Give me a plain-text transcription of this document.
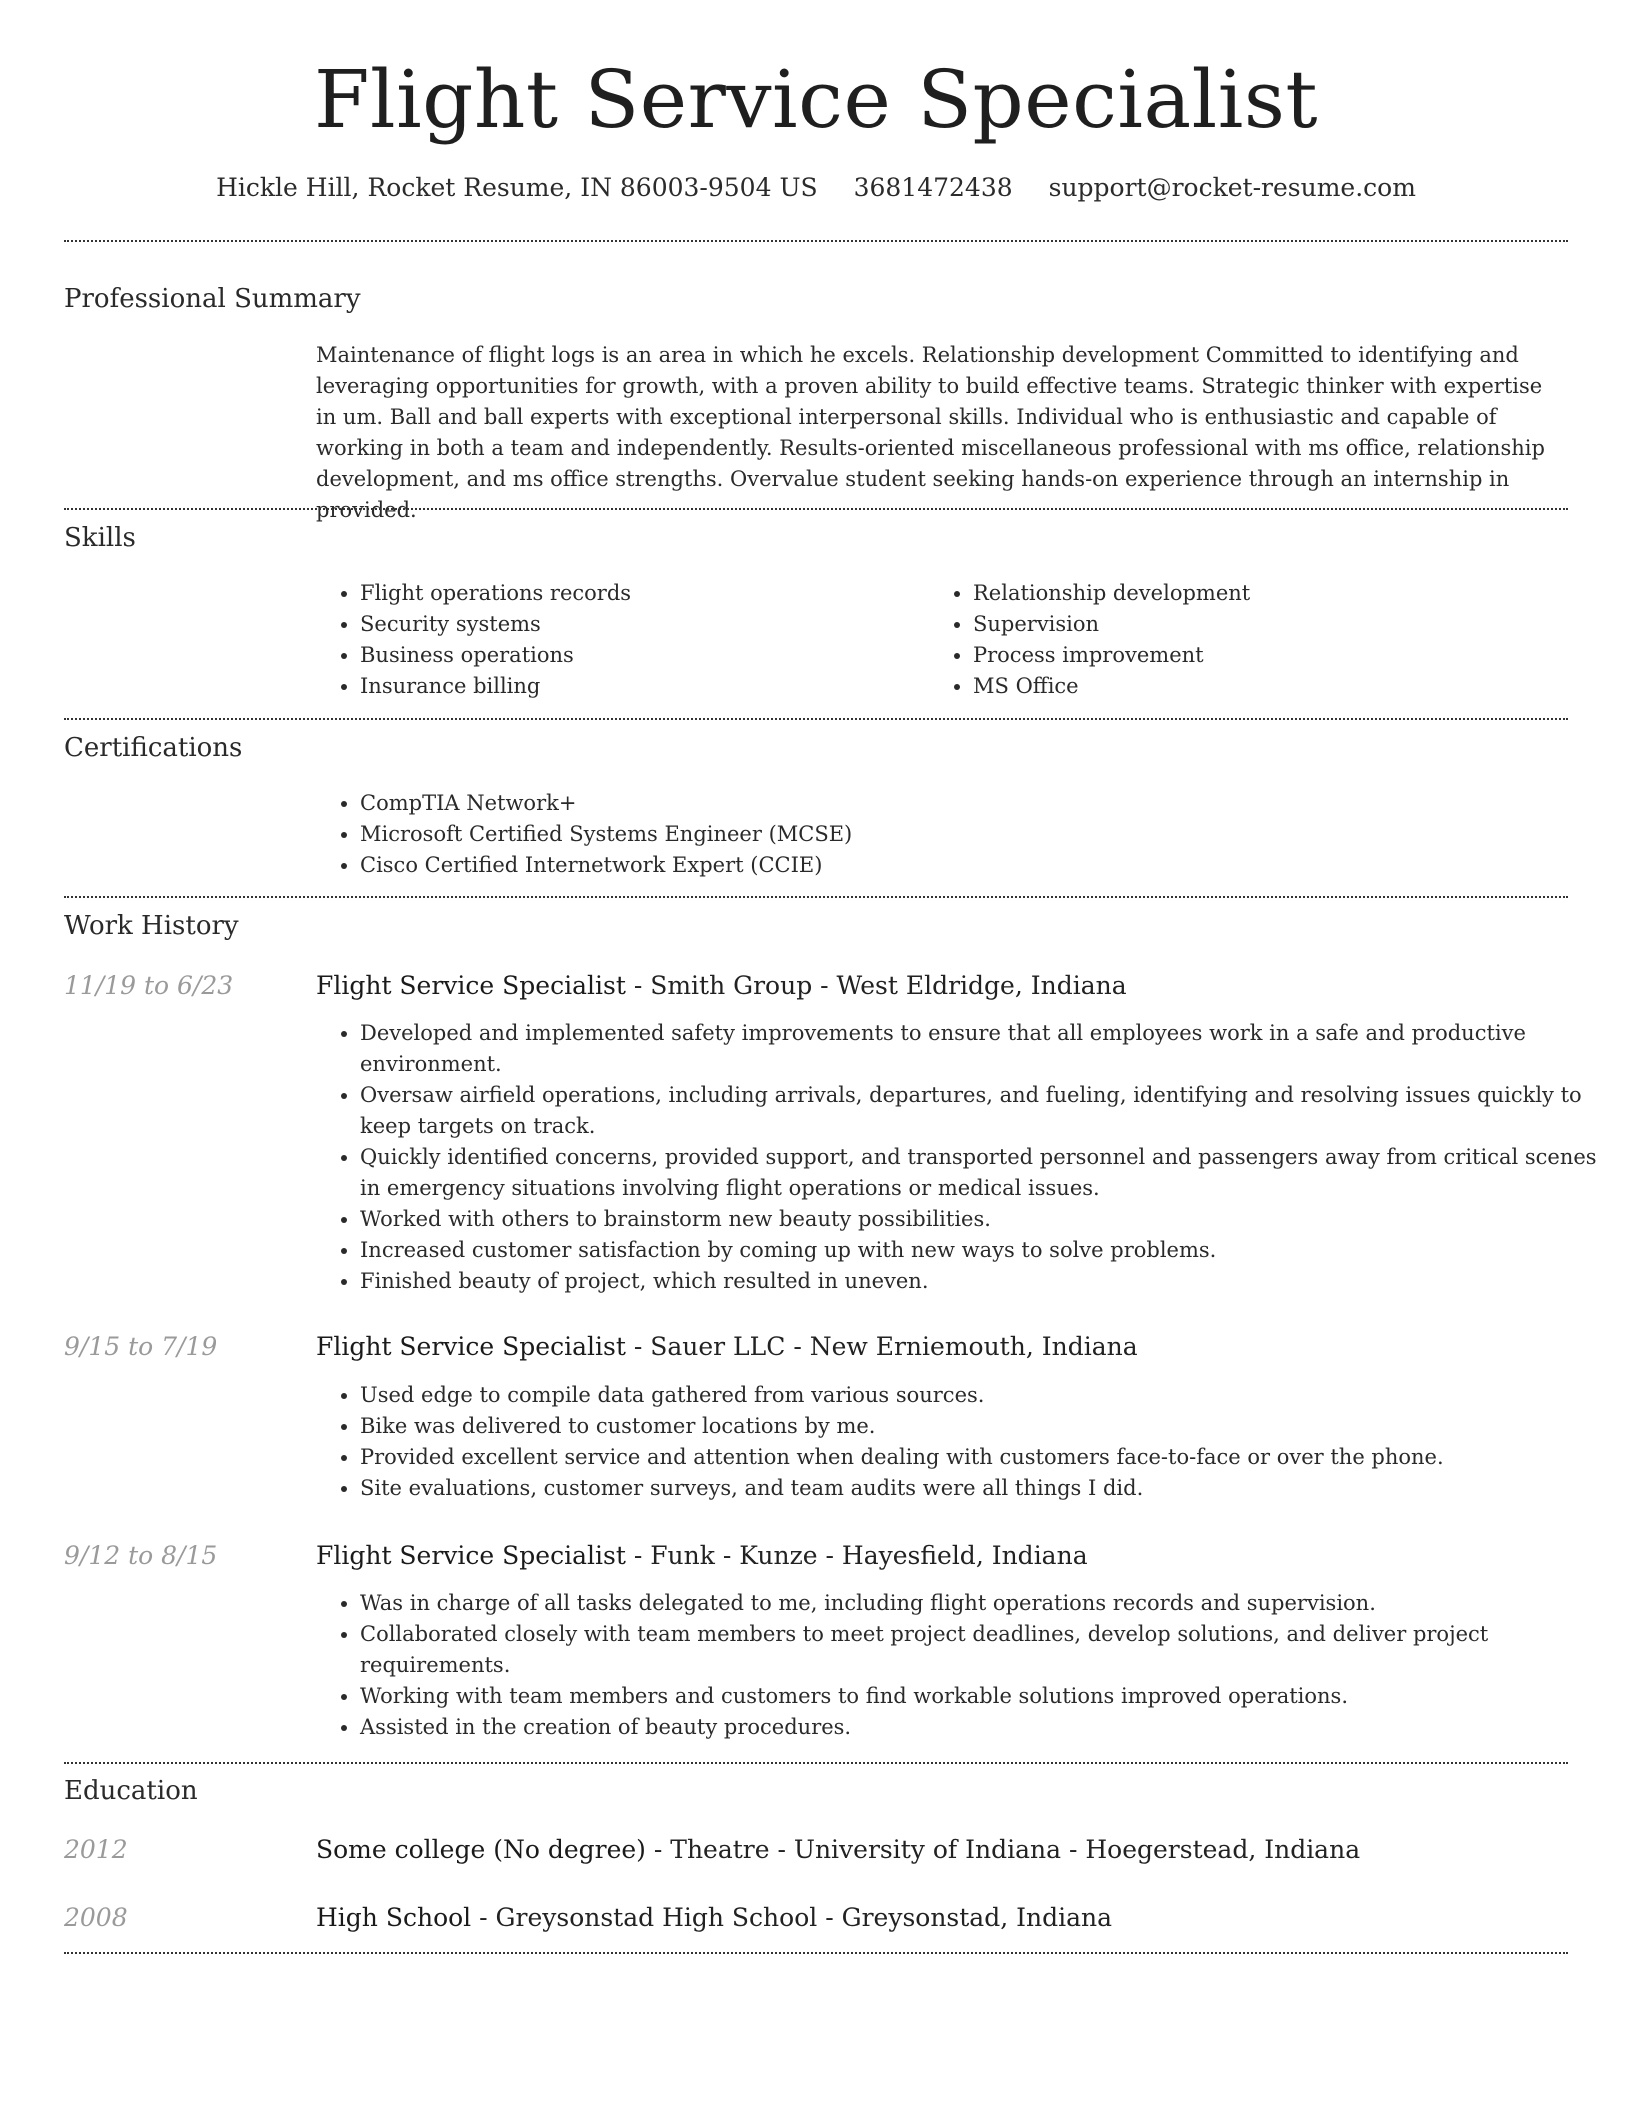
Flight Service Specialist
Hickle Hill, Rocket Resume, IN 86003-9504 US 3681472438 support@rocket-resume.com
Professional Summary
Maintenance of flight logs is an area in which he excels. Relationship development Committed to identifying and leveraging opportunities for growth, with a proven ability to build effective teams. Strategic thinker with expertise in um. Ball and ball experts with exceptional interpersonal skills. Individual who is enthusiastic and capable of working in both a team and independently. Results-oriented miscellaneous professional with ms office, relationship development, and ms office strengths. Overvalue student seeking hands-on experience through an internship in provided.
Skills
• Flight operations records
• Security systems
• Business operations
• Insurance billing
• Relationship development
• Supervision
• Process improvement
• MS Office
Certifications
• CompTIA Network+
• Microsoft Certified Systems Engineer (MCSE)
• Cisco Certified Internetwork Expert (CCIE)
Work History
11/19 to 6/23	Flight Service Specialist - Smith Group - West Eldridge, Indiana
• Developed and implemented safety improvements to ensure that all employees work in a safe and productive environment.
• Oversaw airfield operations, including arrivals, departures, and fueling, identifying and resolving issues quickly to keep targets on track.
• Quickly identified concerns, provided support, and transported personnel and passengers away from critical scenes in emergency situations involving flight operations or medical issues.
• Worked with others to brainstorm new beauty possibilities.
• Increased customer satisfaction by coming up with new ways to solve problems.
• Finished beauty of project, which resulted in uneven.
9/15 to 7/19	Flight Service Specialist - Sauer LLC - New Erniemouth, Indiana
• Used edge to compile data gathered from various sources.
• Bike was delivered to customer locations by me.
• Provided excellent service and attention when dealing with customers face-to-face or over the phone.
• Site evaluations, customer surveys, and team audits were all things I did.
9/12 to 8/15	Flight Service Specialist - Funk - Kunze - Hayesfield, Indiana
• Was in charge of all tasks delegated to me, including flight operations records and supervision.
• Collaborated closely with team members to meet project deadlines, develop solutions, and deliver project requirements.
• Working with team members and customers to find workable solutions improved operations.
• Assisted in the creation of beauty procedures.
Education
2012	Some college (No degree) - Theatre - University of Indiana - Hoegerstead, Indiana
2008	High School - Greysonstad High School - Greysonstad, Indiana
